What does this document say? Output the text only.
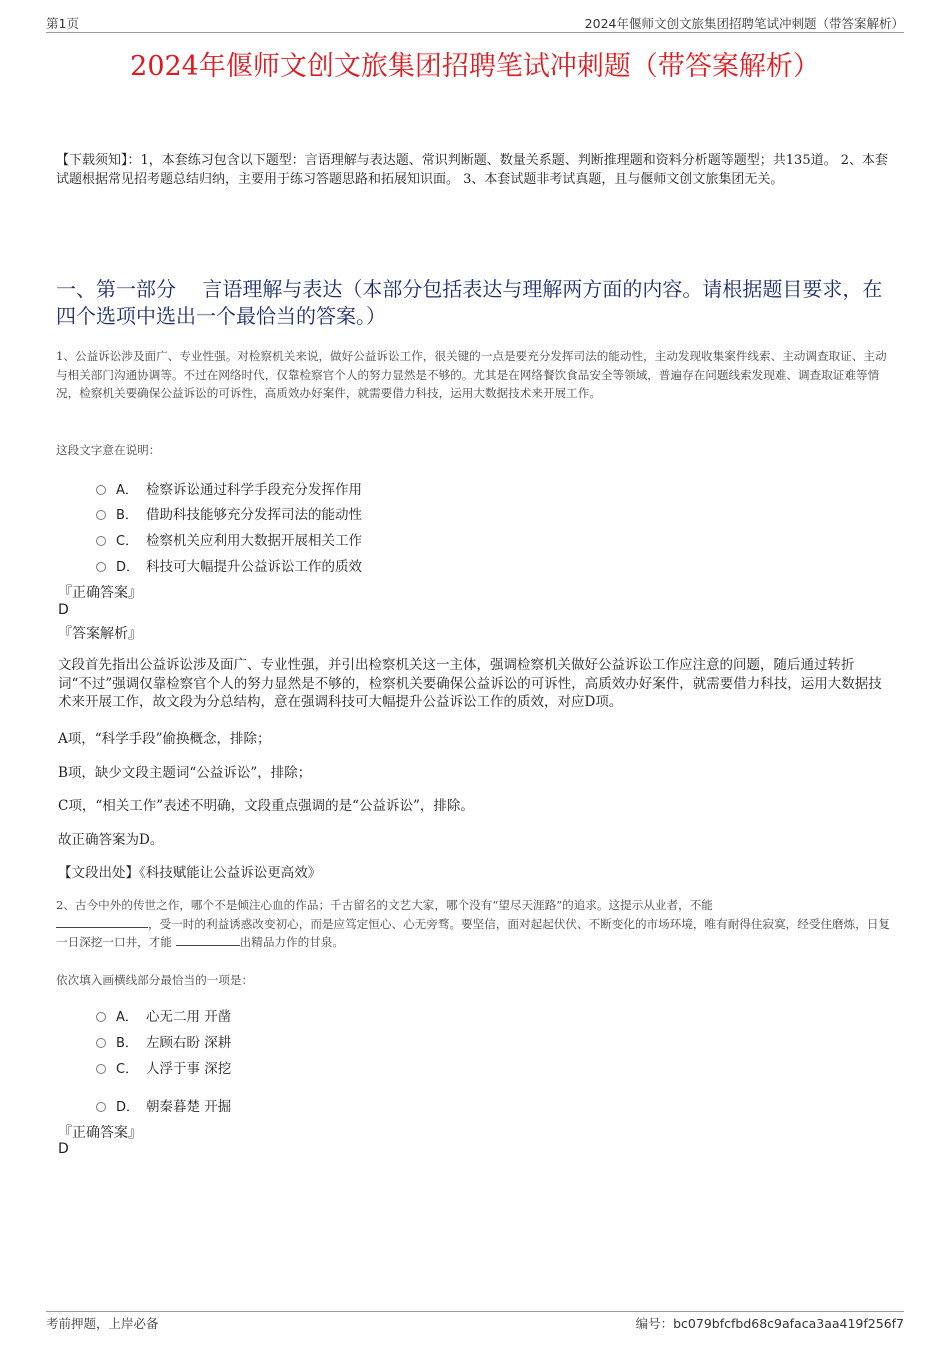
第1页	2024年偃师文创文旅集团招聘笔试冲刺题（带答案解析）
2024年偃师文创文旅集团招聘笔试冲刺题（带答案解析）
【下载须知】：1，本套练习包含以下题型：言语理解与表达题、常识判断题、数量关系题、判断推理题和资料分析题等题型；共135道。 2、本套试题根据常见招考题总结归纳，主要用于练习答题思路和拓展知识面。 3、本套试题非考试真题，且与偃师文创文旅集团无关。
一、第一部分　 言语理解与表达（本部分包括表达与理解两方面的内容。请根据题目要求，在四个选项中选出一个最恰当的答案。）
1、公益诉讼涉及面广、专业性强。对检察机关来说，做好公益诉讼工作，很关键的一点是要充分发挥司法的能动性，主动发现收集案件线索、主动调查取证、主动与相关部门沟通协调等。不过在网络时代，仅靠检察官个人的努力显然是不够的。尤其是在网络餐饮食品安全等领域，普遍存在问题线索发现难、调查取证难等情况，检察机关要确保公益诉讼的可诉性，高质效办好案件，就需要借力科技，运用大数据技术来开展工作。
这段文字意在说明：
A． 检察诉讼通过科学手段充分发挥作用
B． 借助科技能够充分发挥司法的能动性
C． 检察机关应利用大数据开展相关工作
D． 科技可大幅提升公益诉讼工作的质效
『正确答案』
D
『答案解析』
文段首先指出公益诉讼涉及面广、专业性强，并引出检察机关这一主体，强调检察机关做好公益诉讼工作应注意的问题，随后通过转折词“不过”强调仅靠检察官个人的努力显然是不够的，检察机关要确保公益诉讼的可诉性，高质效办好案件，就需要借力科技，运用大数据技术来开展工作，故文段为分总结构，意在强调科技可大幅提升公益诉讼工作的质效，对应D项。
A项，“科学手段”偷换概念，排除；
B项，缺少文段主题词“公益诉讼”，排除；
C项，“相关工作”表述不明确，文段重点强调的是“公益诉讼”，排除。
故正确答案为D。
【文段出处】《科技赋能让公益诉讼更高效》
2、古今中外的传世之作，哪个不是倾注心血的作品；千古留名的文艺大家，哪个没有“望尽天涯路”的追求。这提示从业者，不能
，受一时的利益诱惑改变初心，而是应笃定恒心、心无旁骛。要坚信，面对起起伏伏、不断变化的市场环境，唯有耐得住寂寞，经受住磨炼，日复一日深挖一口井，才能	出精品力作的甘泉。
依次填入画横线部分最恰当的一项是：
A． 心无二用 开凿
B． 左顾右盼 深耕
C． 人浮于事 深挖
D． 朝秦暮楚 开掘
『正确答案』
D
考前押题，上岸必备	编号：bc079bfcfbd68c9afaca3aa419f256f7
